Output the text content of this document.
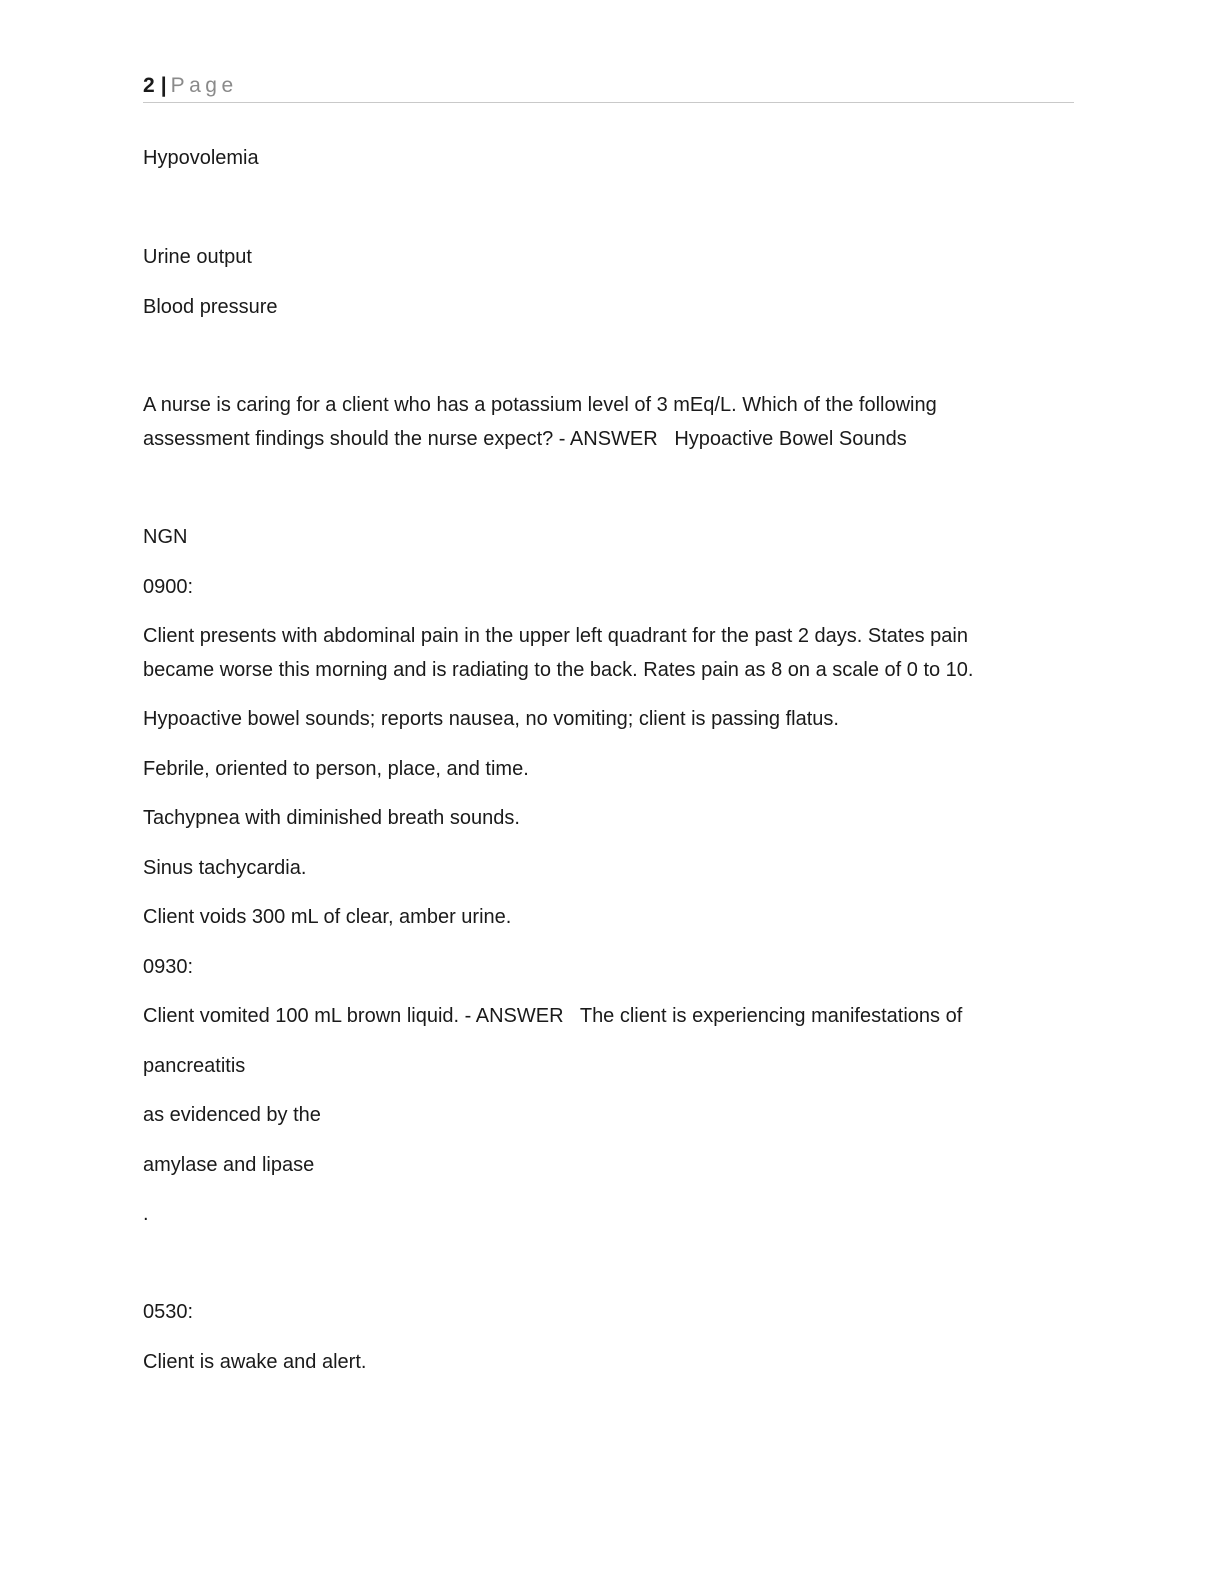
2 | Page
Hypovolemia
Urine output
Blood pressure
A nurse is caring for a client who has a potassium level of 3 mEq/L. Which of the following
assessment findings should the nurse expect? - ANSWER   Hypoactive Bowel Sounds
NGN
0900:
Client presents with abdominal pain in the upper left quadrant for the past 2 days. States pain
became worse this morning and is radiating to the back. Rates pain as 8 on a scale of 0 to 10.
Hypoactive bowel sounds; reports nausea, no vomiting; client is passing flatus.
Febrile, oriented to person, place, and time.
Tachypnea with diminished breath sounds.
Sinus tachycardia.
Client voids 300 mL of clear, amber urine.
0930:
Client vomited 100 mL brown liquid. - ANSWER   The client is experiencing manifestations of
pancreatitis
as evidenced by the
amylase and lipase
.
0530:
Client is awake and alert.
